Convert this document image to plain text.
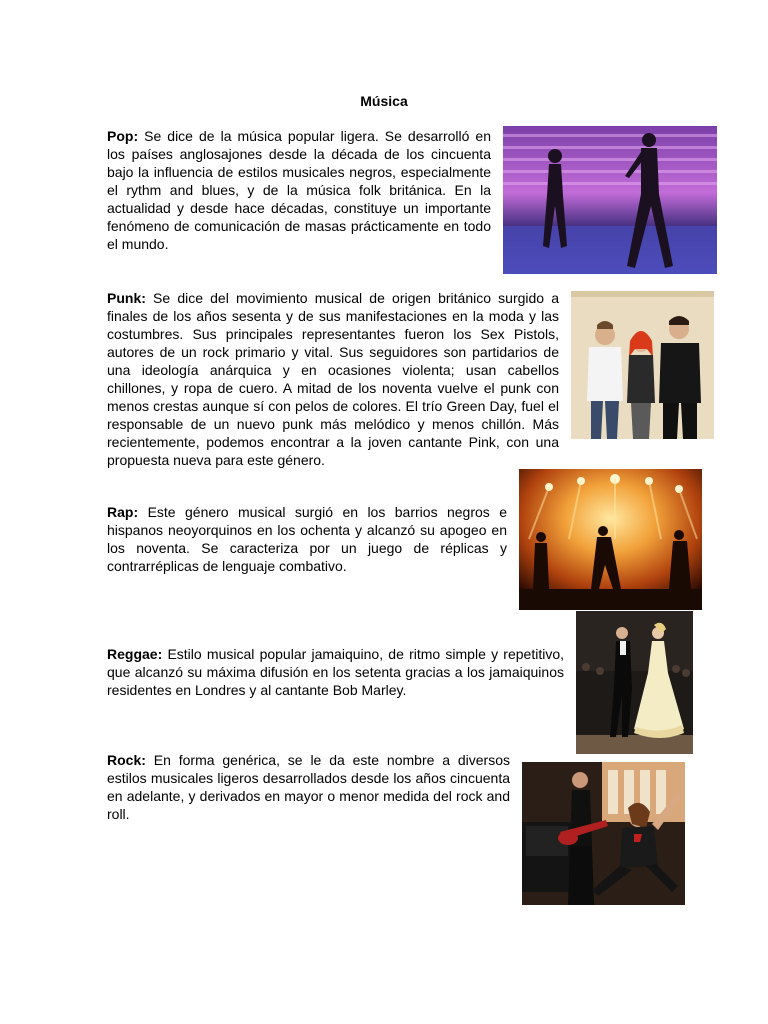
Música

Pop: Se dice de la música popular ligera. Se desarrolló en los países anglosajones desde la década de los cincuenta bajo la influencia de estilos musicales negros, especialmente el rythm and blues, y de la música folk británica. En la actualidad y desde hace décadas, constituye un importante fenómeno de comunicación de masas prácticamente en todo el mundo.

Punk: Se dice del movimiento musical de origen británico surgido a finales de los años sesenta y de sus manifestaciones en la moda y las costumbres. Sus principales representantes fueron los Sex Pistols, autores de un rock primario y vital. Sus seguidores son partidarios de una ideología anárquica y en ocasiones violenta; usan cabellos chillones, y ropa de cuero. A mitad de los noventa vuelve el punk con menos crestas aunque sí con pelos de colores. El trío Green Day, fuel el responsable de un nuevo punk más melódico y menos chillón. Más recientemente, podemos encontrar a la joven cantante Pink, con una propuesta nueva para este género.

Rap: Este género musical surgió en los barrios negros e hispanos neoyorquinos en los ochenta y alcanzó su apogeo en los noventa. Se caracteriza por un juego de réplicas y contrarréplicas de lenguaje combativo.

Reggae: Estilo musical popular jamaiquino, de ritmo simple y repetitivo, que alcanzó su máxima difusión en los setenta gracias a los jamaiquinos residentes en Londres y al cantante Bob Marley.

Rock: En forma genérica, se le da este nombre a diversos estilos musicales ligeros desarrollados desde los años cincuenta en adelante, y derivados en mayor o menor medida del rock and roll.
